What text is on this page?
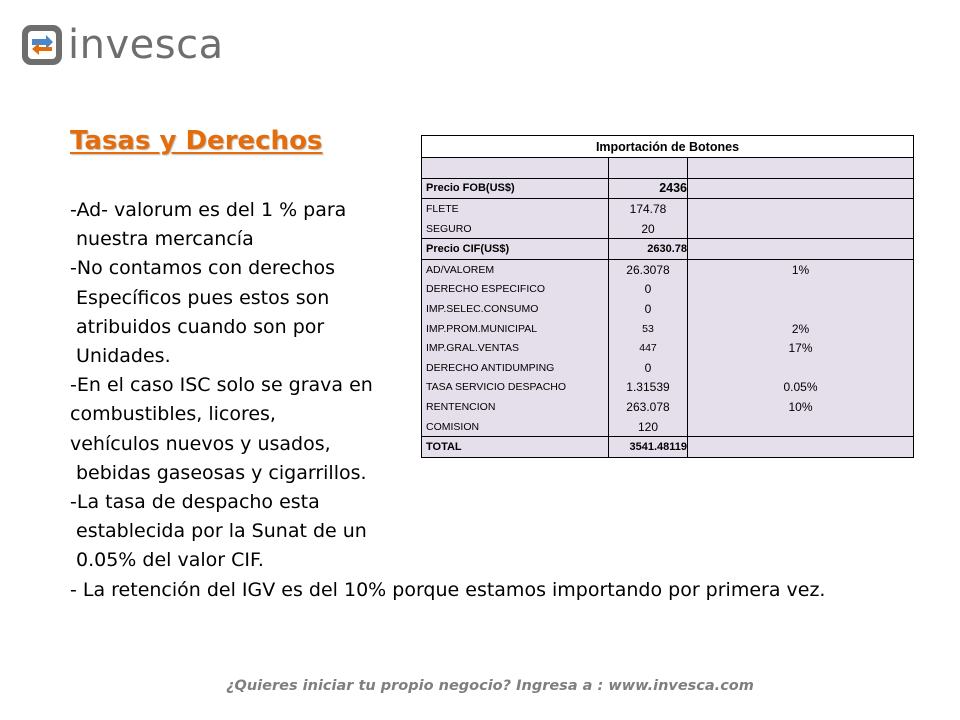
invesca
Tasas y Derechos
-Ad- valorum es del 1 % para
nuestra mercancía
-No contamos con derechos
Específicos pues estos son
atribuidos cuando son por
Unidades.
-En el caso ISC solo se grava en
combustibles, licores,
vehículos nuevos y usados,
bebidas gaseosas y cigarrillos.
-La tasa de despacho esta
establecida por la Sunat de un
0.05% del valor CIF.
- La retención del IGV es del 10% porque estamos importando por primera vez.
Importación de Botones		

Precio FOB(US$)	2436	
FLETE	174.78	
SEGURO	20	
Precio CIF(US$)	2630.78	
AD/VALOREM	26.3078	1%
DERECHO ESPECIFICO	0	
IMP.SELEC.CONSUMO	0	
IMP.PROM.MUNICIPAL	53	2%
IMP.GRAL.VENTAS	447	17%
DERECHO ANTIDUMPING	0	
TASA SERVICIO DESPACHO	1.31539	0.05%
RENTENCION	263.078	10%
COMISION	120	
TOTAL	3541.48119	
¿Quieres iniciar tu propio negocio? Ingresa a : www.invesca.com
